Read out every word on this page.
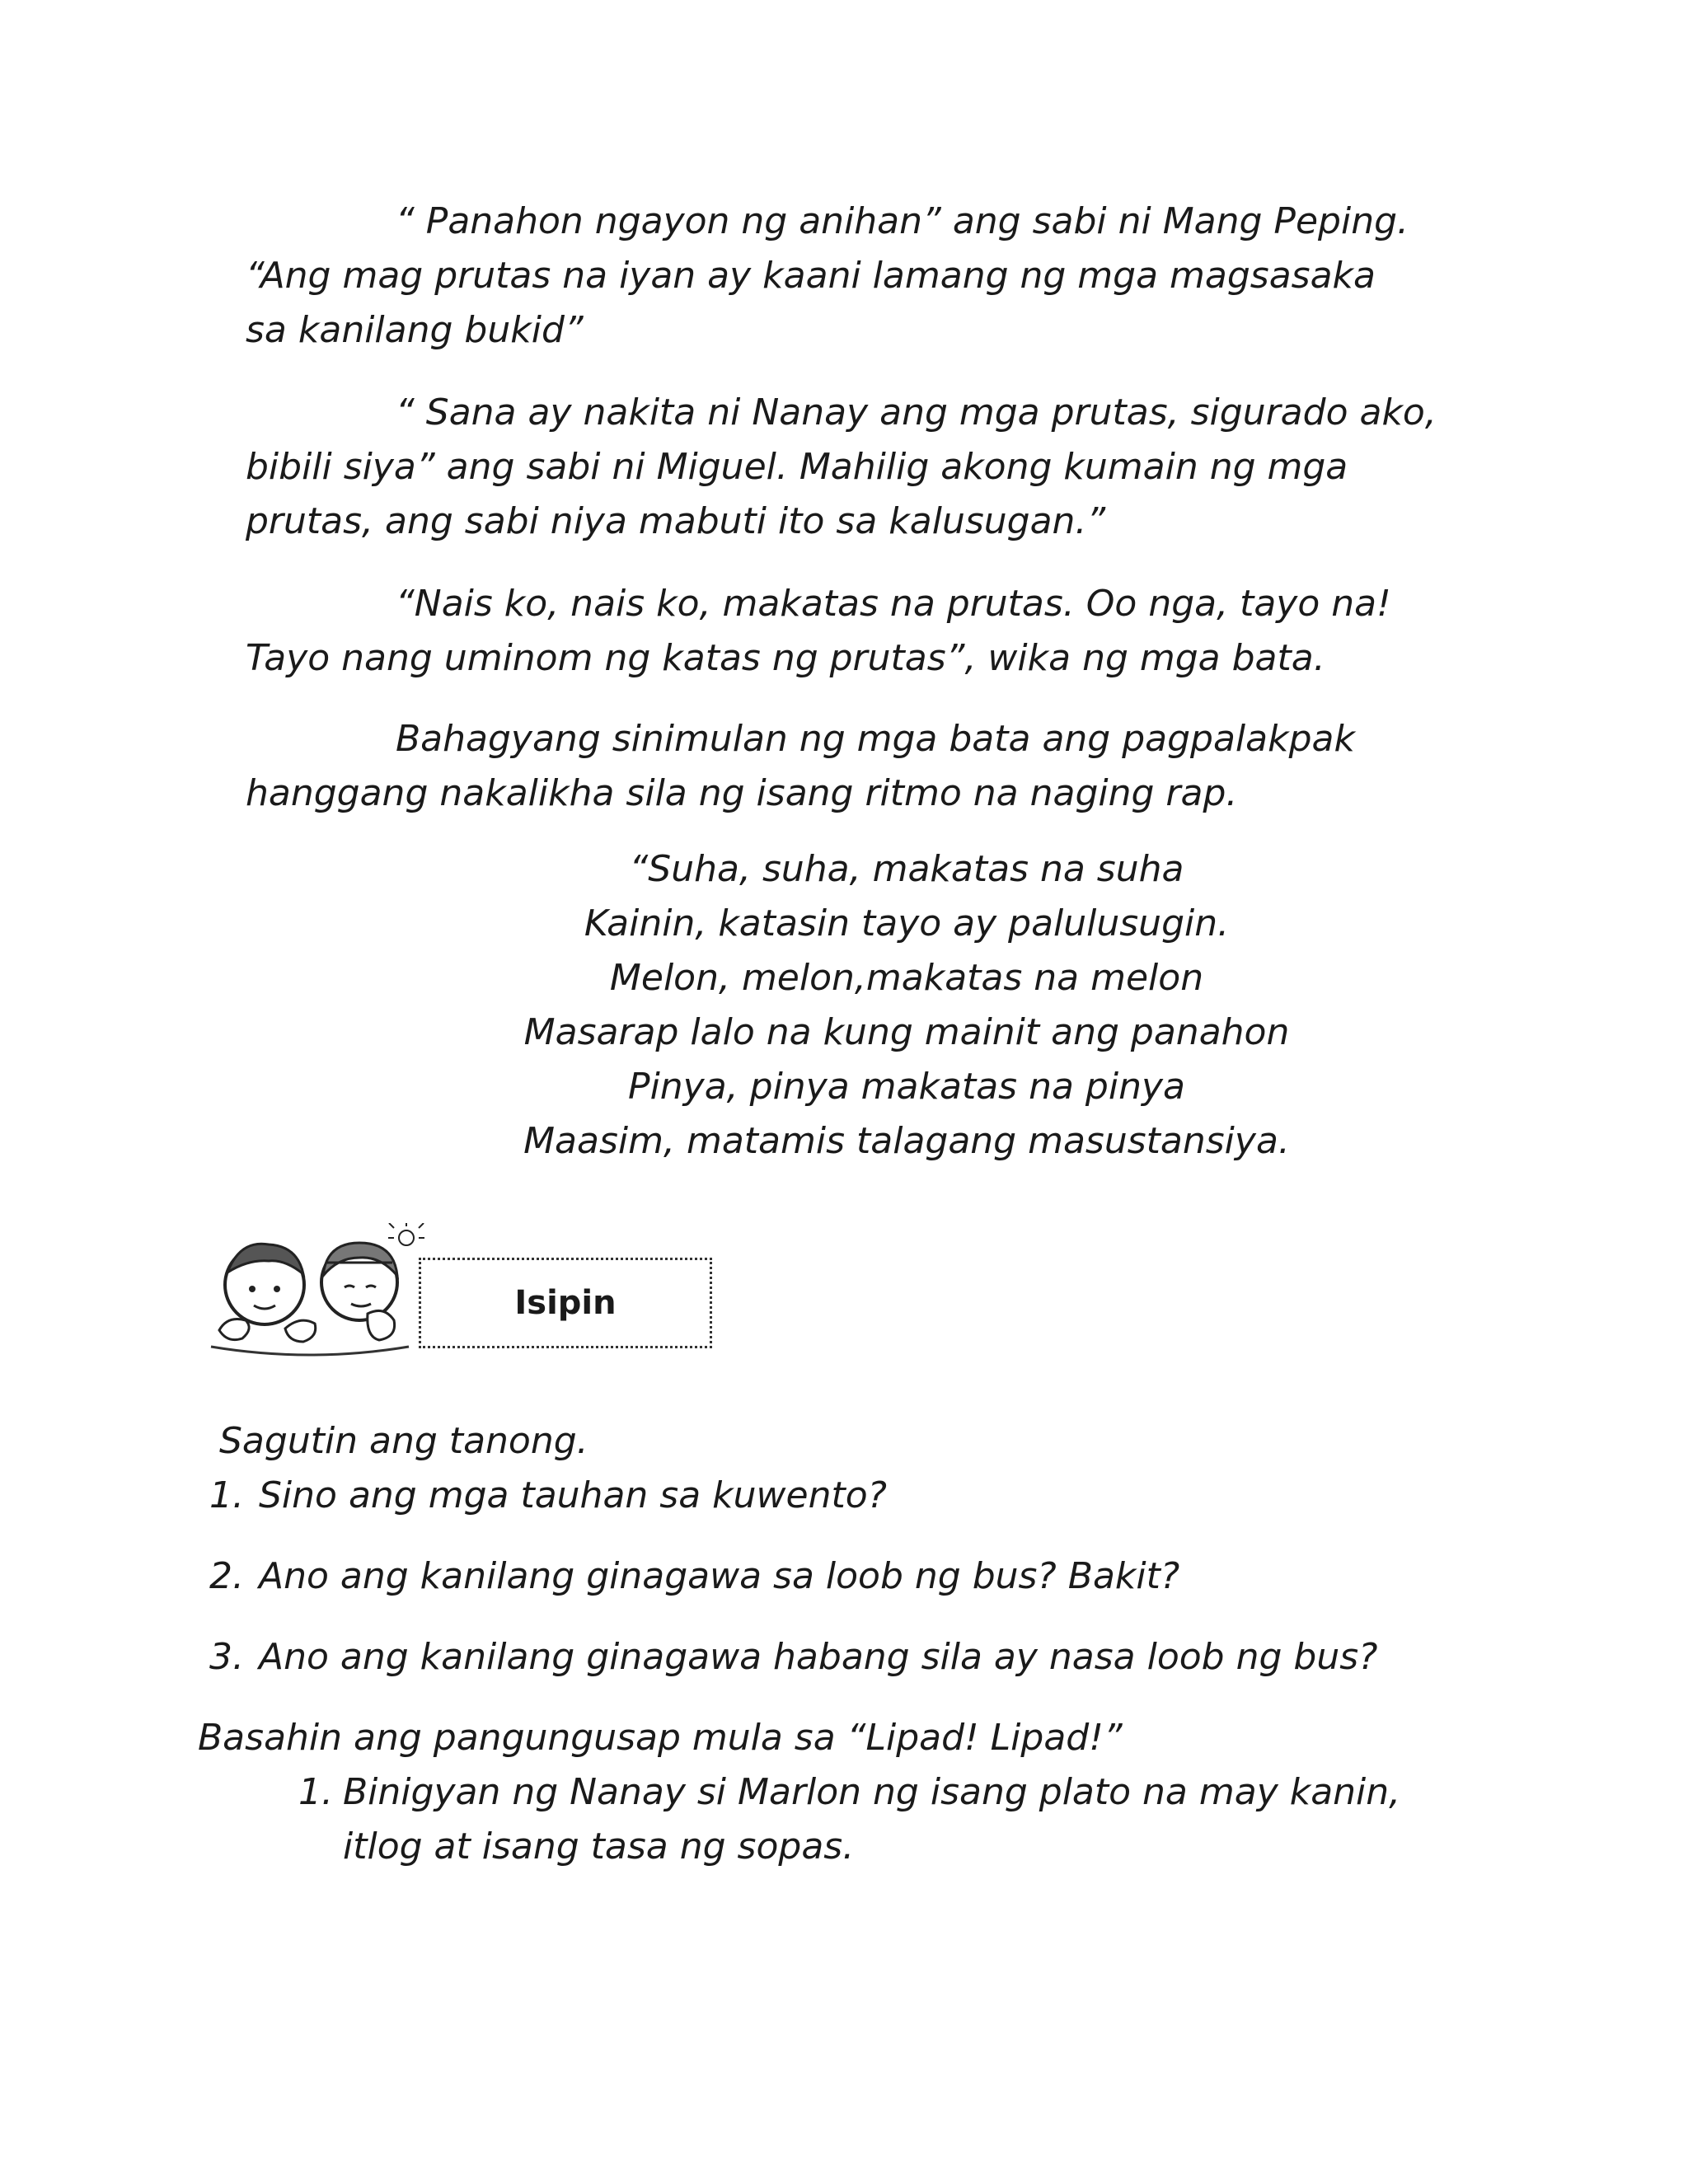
“ Panahon ngayon ng anihan” ang sabi ni Mang Peping.
“Ang mag prutas na iyan ay kaani lamang ng mga magsasaka
sa kanilang bukid”
“ Sana ay nakita ni Nanay ang mga prutas, sigurado ako,
bibili siya” ang sabi ni Miguel. Mahilig akong kumain ng mga
prutas, ang sabi niya mabuti ito sa kalusugan.”
“Nais ko, nais ko, makatas na prutas. Oo nga, tayo na!
Tayo nang uminom ng katas ng prutas”, wika ng mga bata.
Bahagyang sinimulan ng mga bata ang pagpalakpak
hanggang nakalikha sila ng isang ritmo na naging rap.
“Suha, suha, makatas na suha
Kainin, katasin tayo ay palulusugin.
Melon, melon,makatas na melon
Masarap lalo na kung mainit ang panahon
Pinya, pinya makatas na pinya
Maasim, matamis talagang masustansiya.
Isipin
Sagutin ang tanong.
1. Sino ang mga tauhan sa kuwento?
2. Ano ang kanilang ginagawa sa loob ng bus? Bakit?
3. Ano ang kanilang ginagawa habang sila ay nasa loob ng bus?
Basahin ang pangungusap mula sa “Lipad! Lipad!”
1. Binigyan ng Nanay si Marlon ng isang plato na may kanin,
itlog at isang tasa ng sopas.
